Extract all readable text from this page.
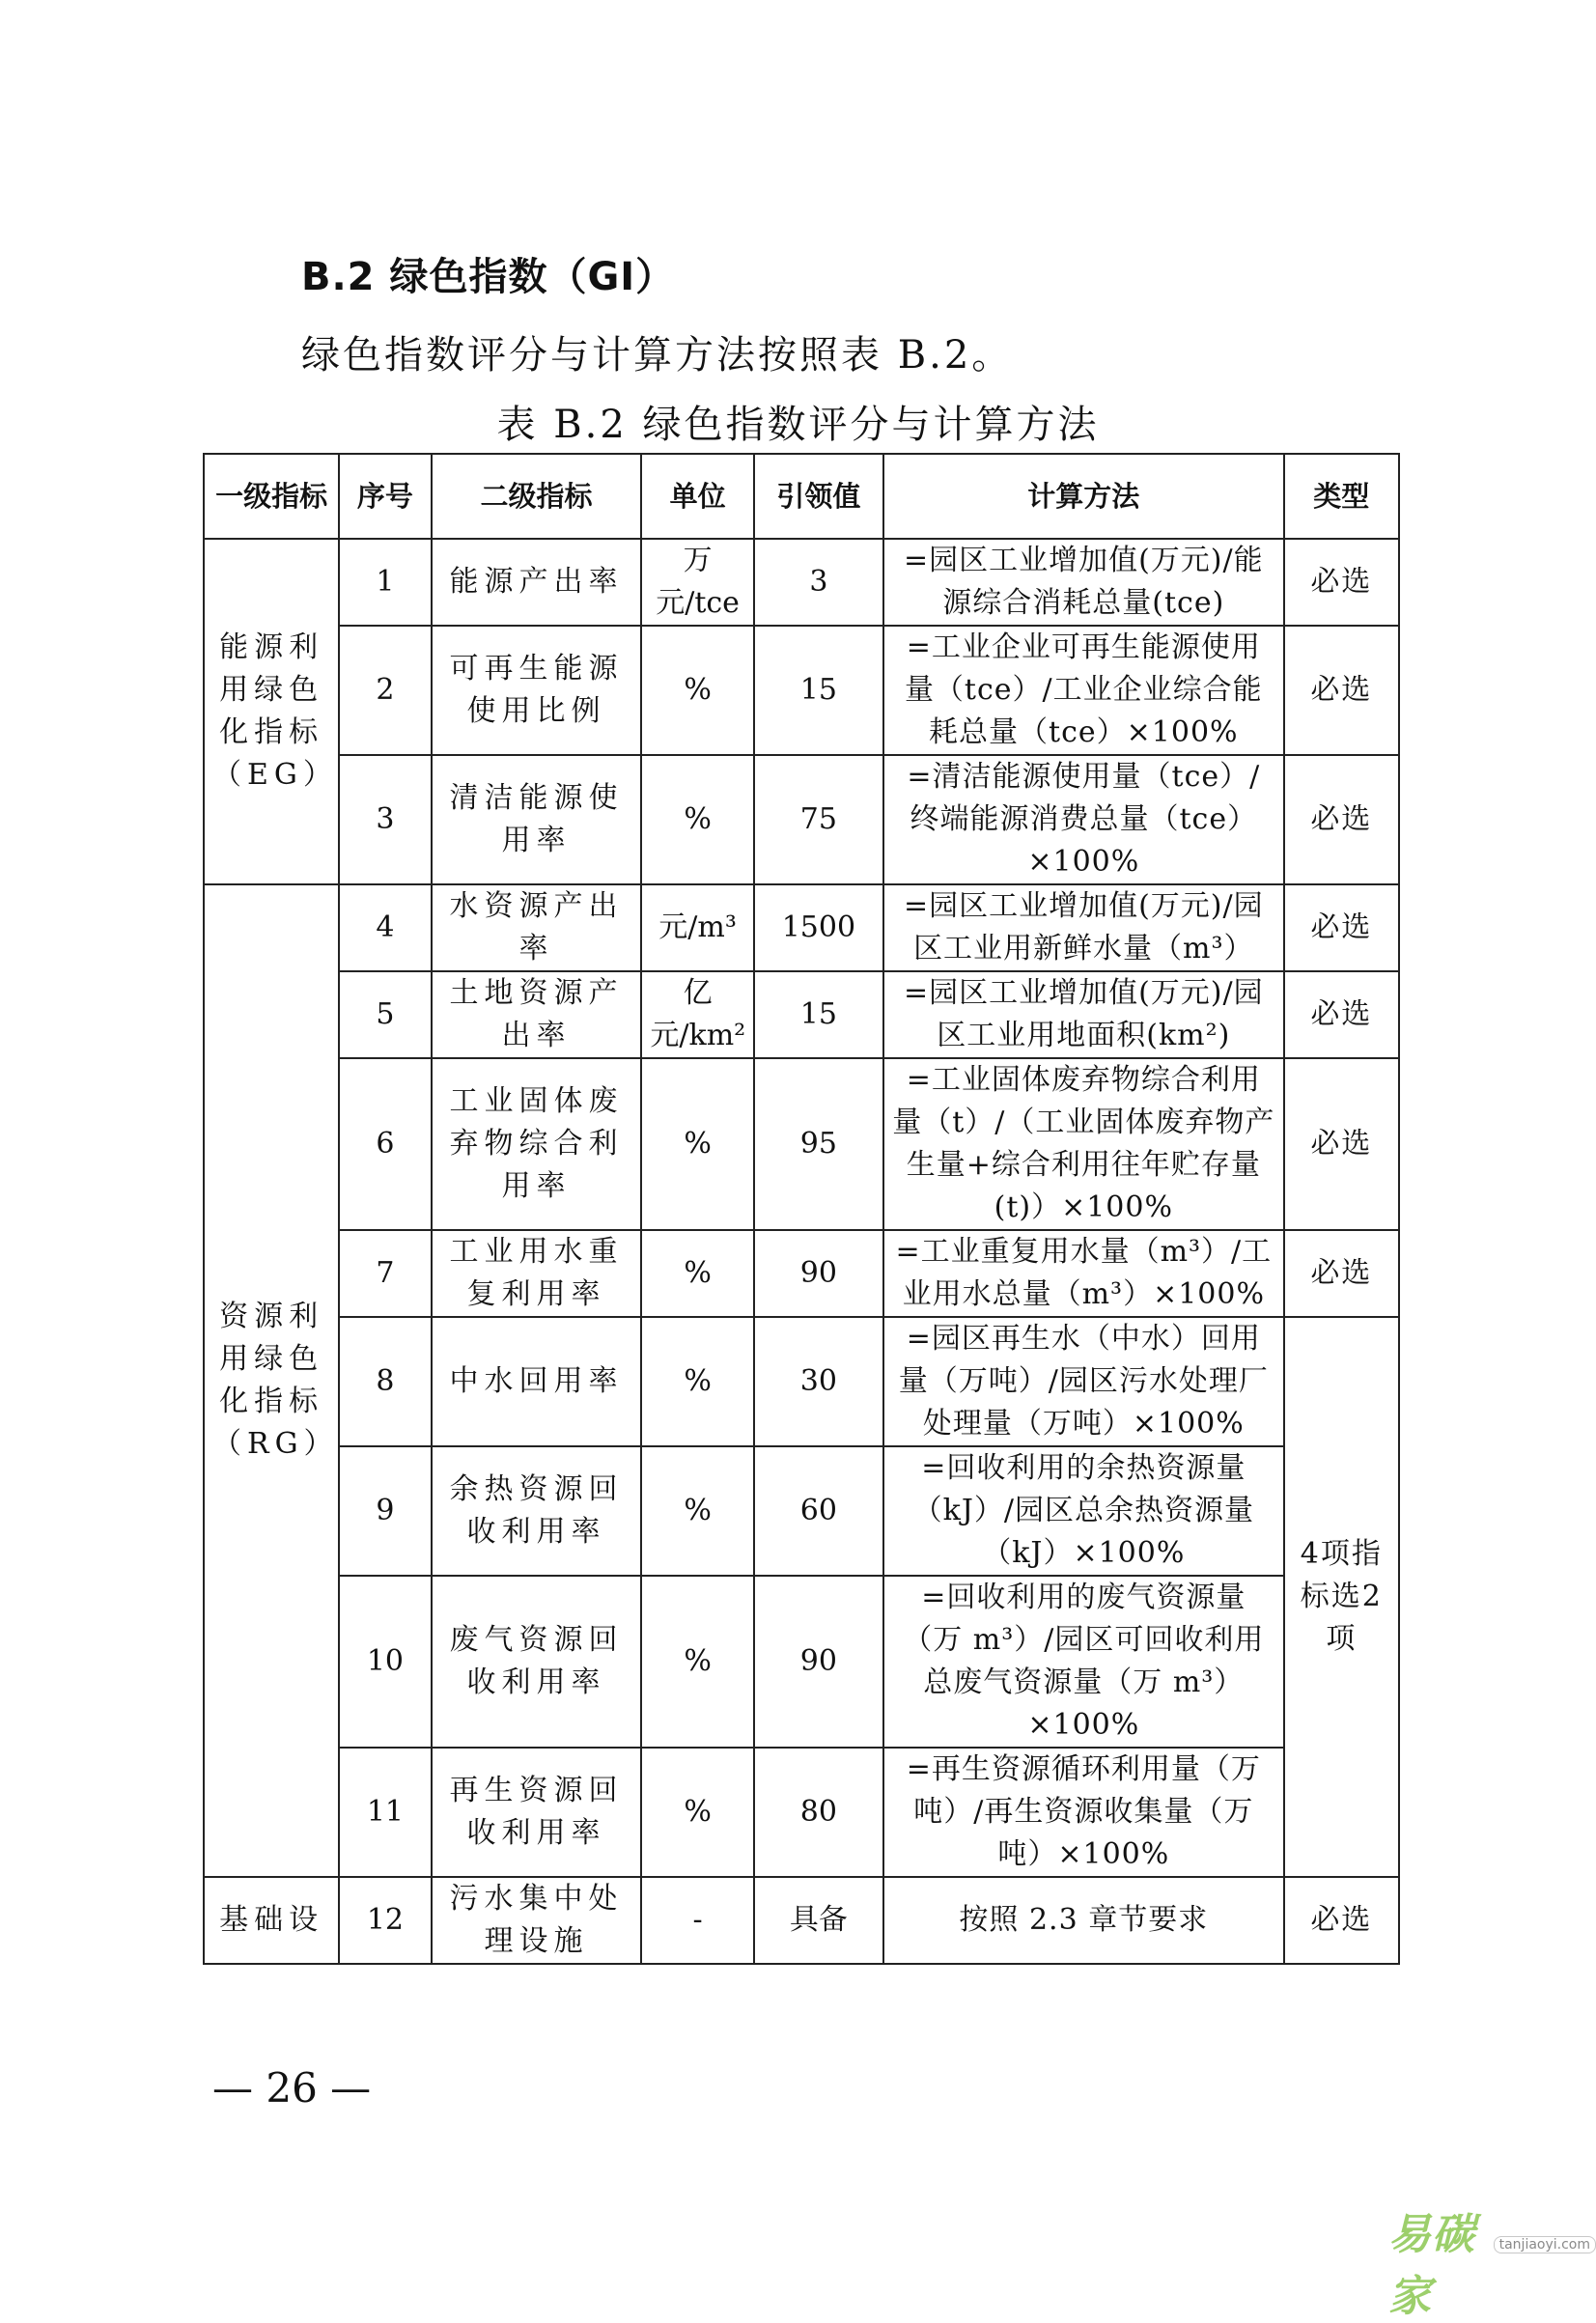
B.2 绿色指数（GI）
绿色指数评分与计算方法按照表 B.2。
表 B.2 绿色指数评分与计算方法
一级指标	序号	二级指标	单位	引领值	计算方法	类型
能源利用绿色化指标（EG）	1	能源产出率	万元/tce	3	=园区工业增加值(万元)/能源综合消耗总量(tce)	必选
	2	可再生能源使用比例	%	15	=工业企业可再生能源使用量（tce）/工业企业综合能耗总量（tce）×100%	必选
	3	清洁能源使用率	%	75	=清洁能源使用量（tce）/终端能源消费总量（tce）×100%	必选
资源利用绿色化指标（RG）	4	水资源产出率	元/m³	1500	=园区工业增加值(万元)/园区工业用新鲜水量（m³）	必选
	5	土地资源产出率	亿元/km²	15	=园区工业增加值(万元)/园区工业用地面积(km²)	必选
	6	工业固体废弃物综合利用率	%	95	=工业固体废弃物综合利用量（t）/（工业固体废弃物产生量+综合利用往年贮存量(t)）×100%	必选
	7	工业用水重复利用率	%	90	=工业重复用水量（m³）/工业用水总量（m³）×100%	必选
	8	中水回用率	%	30	=园区再生水（中水）回用量（万吨）/园区污水处理厂处理量（万吨）×100%	4项指标选2项
	9	余热资源回收利用率	%	60	=回收利用的余热资源量（kJ）/园区总余热资源量（kJ）×100%	
	10	废气资源回收利用率	%	90	=回收利用的废气资源量（万 m³）/园区可回收利用总废气资源量（万 m³）×100%	
	11	再生资源回收利用率	%	80	=再生资源循环利用量（万吨）/再生资源收集量（万吨）×100%	
基础设	12	污水集中处理设施	-	具备	按照 2.3 章节要求	必选
— 26 —
易碳家
tanjiaoyi.com
